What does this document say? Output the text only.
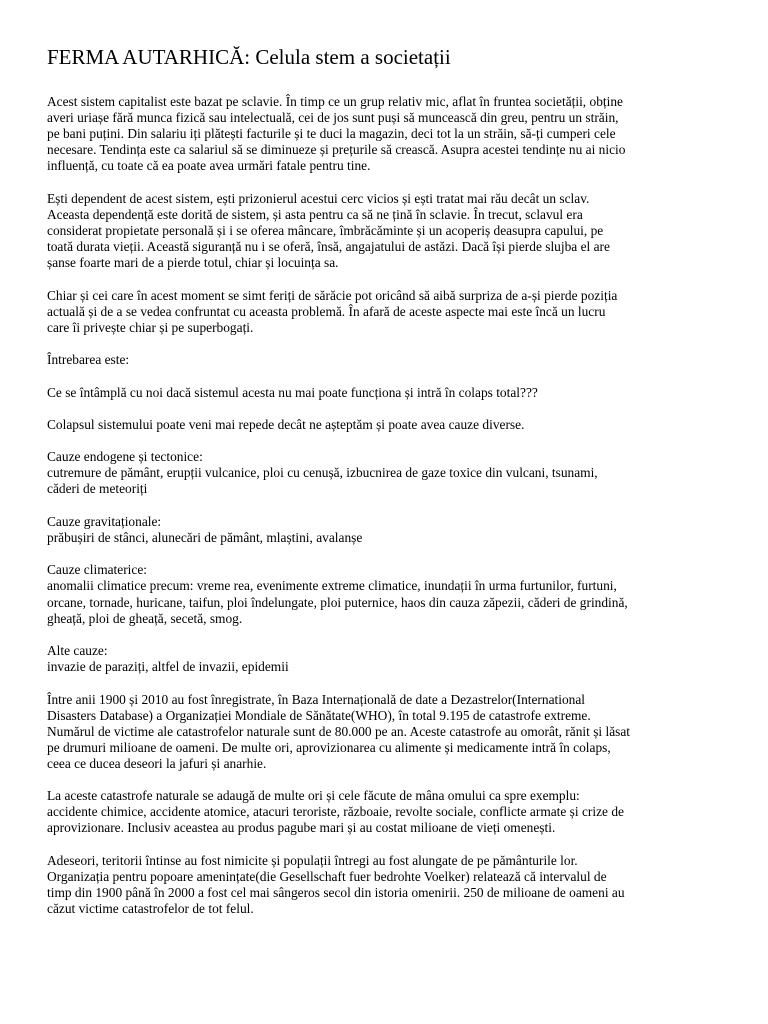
FERMA AUTARHICĂ: Celula stem a societații

Acest sistem capitalist este bazat pe sclavie. În timp ce un grup relativ mic, aflat în fruntea societății, obține

averi uriașe fără munca fizică sau intelectuală, cei de jos sunt puși să muncească din greu, pentru un străin,

pe bani puțini. Din salariu iți plătești facturile și te duci la magazin, deci tot la un străin, să-ți cumperi cele

necesare. Tendința este ca salariul să se diminueze și prețurile să crească. Asupra acestei tendințe nu ai nicio

influență, cu toate că ea poate avea urmări fatale pentru tine.

Ești dependent de acest sistem, ești prizonierul acestui cerc vicios și ești tratat mai rău decât un sclav.

Aceasta dependență este dorită de sistem, și asta pentru ca să ne țină în sclavie. În trecut, sclavul era

considerat propietate personală și i se oferea mâncare, îmbrăcăminte și un acoperiș deasupra capului, pe

toată durata vieții. Această siguranță nu i se oferă, însă, angajatului de astăzi. Dacă își pierde slujba el are

șanse foarte mari de a pierde totul, chiar și locuința sa.

Chiar și cei care în acest moment se simt feriți de sărăcie pot oricând să aibă surpriza de a-și pierde poziția

actuală și de a se vedea confruntat cu aceasta problemă. În afară de aceste aspecte mai este încă un lucru

care îi privește chiar și pe superbogați.

Întrebarea este:

Ce se întâmplă cu noi dacă sistemul acesta nu mai poate funcționa și intră în colaps total???

Colapsul sistemului poate veni mai repede decât ne așteptăm și poate avea cauze diverse.

Cauze endogene și tectonice:

cutremure de pământ, erupții vulcanice, ploi cu cenușă, izbucnirea de gaze toxice din vulcani, tsunami,

căderi de meteoriți

Cauze gravitaționale:

prăbușiri de stânci, alunecări de pământ, mlaștini, avalanșe

Cauze climaterice:

anomalii climatice precum: vreme rea, evenimente extreme climatice, inundații în urma furtunilor, furtuni,

orcane, tornade, huricane, taifun, ploi îndelungate, ploi puternice, haos din cauza zăpezii, căderi de grindină,

gheață, ploi de gheață, secetă, smog.

Alte cauze:

invazie de paraziți, altfel de invazii, epidemii

Între anii 1900 și 2010 au fost înregistrate, în Baza Internațională de date a Dezastrelor(International

Disasters Database) a Organizației Mondiale de Sănătate(WHO), în total 9.195 de catastrofe extreme.

Numărul de victime ale catastrofelor naturale sunt de 80.000 pe an. Aceste catastrofe au omorât, rănit și lăsat

pe drumuri milioane de oameni. De multe ori, aprovizionarea cu alimente și medicamente intră în colaps,

ceea ce ducea deseori la jafuri și anarhie.

La aceste catastrofe naturale se adaugă de multe ori și cele făcute de mâna omului ca spre exemplu:

accidente chimice, accidente atomice, atacuri teroriste, războaie, revolte sociale, conflicte armate și crize de

aprovizionare. Inclusiv aceastea au produs pagube mari și au costat milioane de vieți omenești.

Adeseori, teritorii întinse au fost nimicite și populații întregi au fost alungate de pe pământurile lor.

Organizația pentru popoare amenințate(die Gesellschaft fuer bedrohte Voelker) relatează că intervalul de

timp din 1900 până în 2000 a fost cel mai sângeros secol din istoria omenirii. 250 de milioane de oameni au

căzut victime catastrofelor de tot felul.
